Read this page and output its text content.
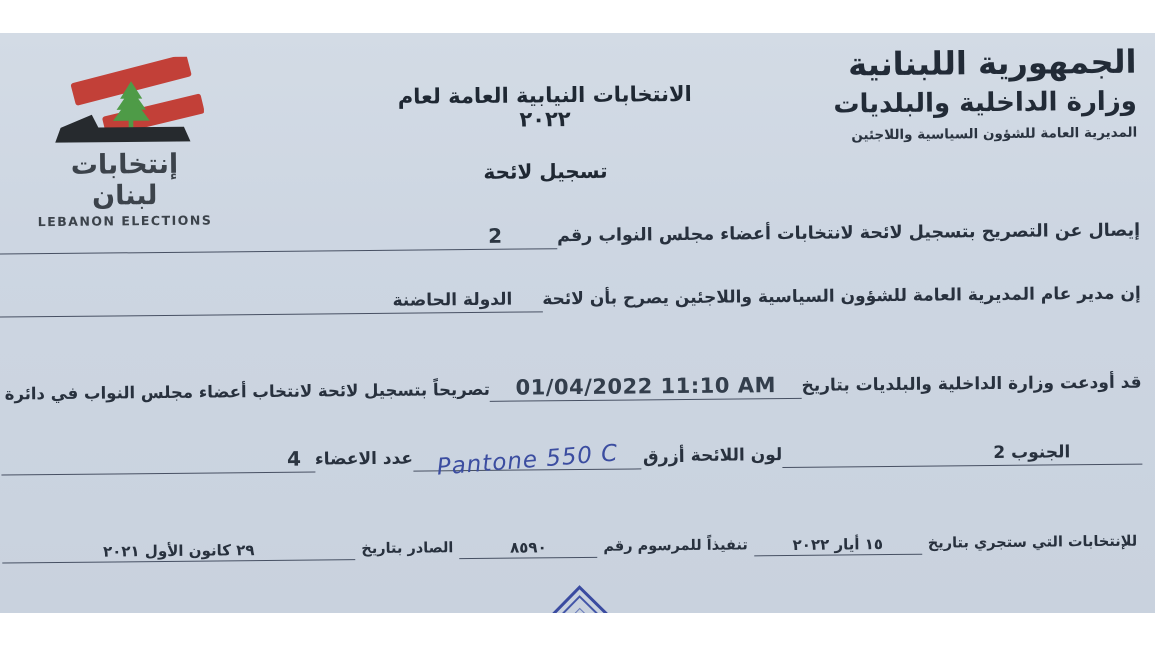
الجمهورية اللبنانية
وزارة الداخلية والبلديات
المديرية العامة للشؤون السياسية واللاجئين
الانتخابات النيابية العامة لعام ٢٠٢٢
تسجيل لائحة
إنتخابات لبنان
LEBANON ELECTIONS	إيصال عن التصريح بتسجيل لائحة لانتخابات أعضاء مجلس النواب رقم
2
إن مدير عام المديرية العامة للشؤون السياسية واللاجئين يصرح بأن لائحة
الدولة الحاضنة
قد أودعت وزارة الداخلية والبلديات بتاريخ
01/04/2022 11:10 AM
تصريحاً بتسجيل لائحة لانتخاب أعضاء مجلس النواب في دائرة
الجنوب 2
لون اللائحة
أزرق
Pantone 550 C
عدد الاعضاء
4
للإنتخابات التي ستجري بتاريخ
١٥ أيار ٢٠٢٢
تنفيذاً للمرسوم رقم
٨٥٩٠
الصادر بتاريخ
٢٩ كانون الأول ٢٠٢١
